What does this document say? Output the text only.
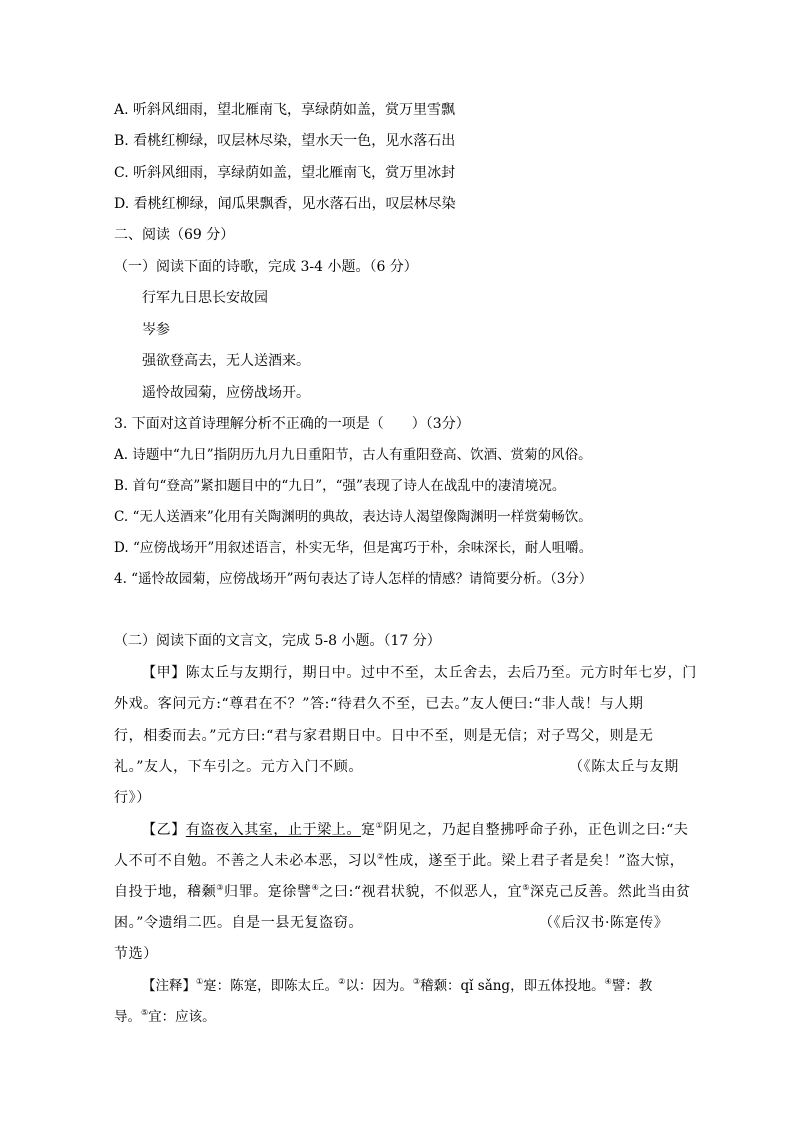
A. 听斜风细雨，望北雁南飞，享绿荫如盖，赏万里雪飘
B. 看桃红柳绿，叹层林尽染，望水天一色，见水落石出
C. 听斜风细雨，享绿荫如盖，望北雁南飞，赏万里冰封
D. 看桃红柳绿，闻瓜果飘香，见水落石出，叹层林尽染
二、阅读（69 分）
（一）阅读下面的诗歌，完成 3-4 小题。（6 分）
行军九日思长安故园
岑参
强欲登高去，无人送酒来。
遥怜故园菊，应傍战场开。
3. 下面对这首诗理解分析不正确的一项是（　　）（3分）
A. 诗题中“九日”指阴历九月九日重阳节，古人有重阳登高、饮酒、赏菊的风俗。
B. 首句“登高”紧扣题目中的“九日”，“强”表现了诗人在战乱中的凄清境况。
C. “无人送酒来”化用有关陶渊明的典故，表达诗人渴望像陶渊明一样赏菊畅饮。
D. “应傍战场开”用叙述语言，朴实无华，但是寓巧于朴，余味深长，耐人咀嚼。
4. “遥怜故园菊，应傍战场开”两句表达了诗人怎样的情感？请简要分析。（3分）
（二）阅读下面的文言文，完成 5-8 小题。（17 分）
【甲】陈太丘与友期行，期日中。过中不至，太丘舍去，去后乃至。元方时年七岁，门
外戏。客问元方:“尊君在不？”答:“待君久不至，已去。”友人便曰:“非人哉！与人期
行，相委而去。”元方曰:“君与家君期日中。日中不至，则是无信；对子骂父，则是无
礼。”友人，下车引之。元方入门不顾。	（《陈太丘与友期
行》）
【乙】有盗夜入其室，止于梁上。寔①阴见之，乃起自整拂呼命子孙，正色训之曰:“夫
人不可不自勉。不善之人未必本恶，习以②性成，遂至于此。梁上君子者是矣！”盗大惊，
自投于地，稽颡③归罪。寔徐譬④之曰:“视君状貌，不似恶人，宜⑤深克己反善。然此当由贫
困。”令遗绢二匹。自是一县无复盗窃。	（《后汉书·陈寔传》
节选）
【注释】①寔：陈寔，即陈太丘。②以：因为。③稽颡：qǐ sǎng，即五体投地。④譬：教
导。⑤宜：应该。
